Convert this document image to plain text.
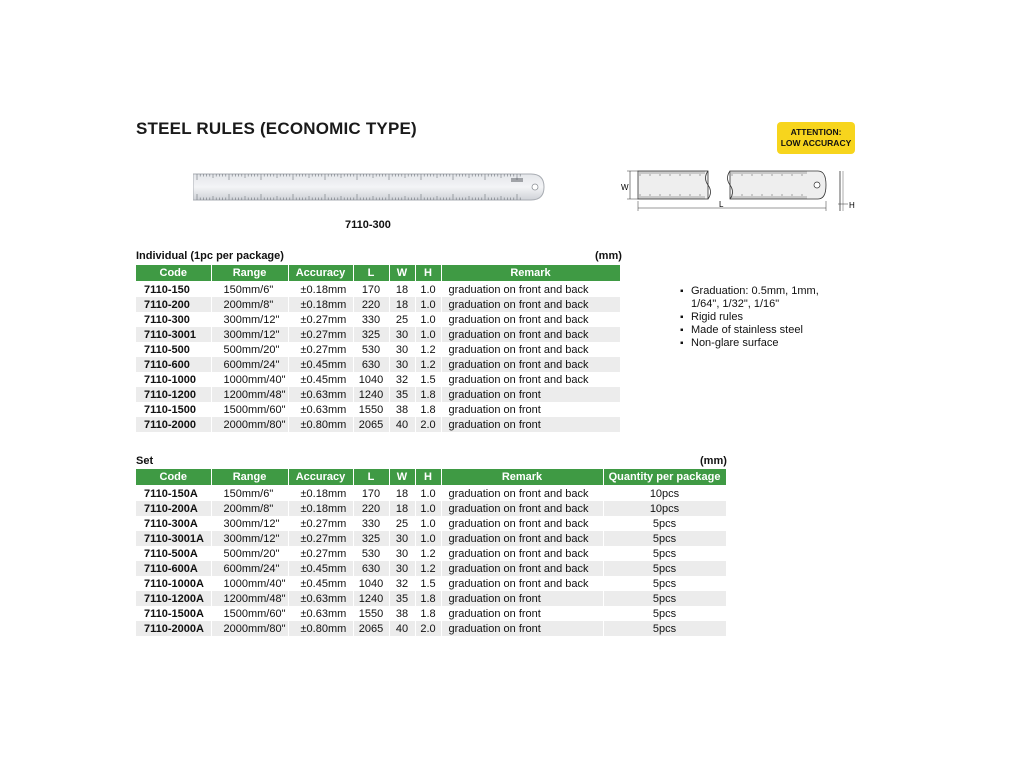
STEEL RULES (ECONOMIC TYPE)	ATTENTION:
LOW ACCURACY
7110-300
W
L	H
Individual (1pc per package)	(mm)
Code	Range	Accuracy	L	W	H	Remark
7110-150	150mm/6"	±0.18mm	170	18	1.0	graduation on front and back
7110-200	200mm/8"	±0.18mm	220	18	1.0	graduation on front and back
7110-300	300mm/12"	±0.27mm	330	25	1.0	graduation on front and back
7110-3001	300mm/12"	±0.27mm	325	30	1.0	graduation on front and back
7110-500	500mm/20"	±0.27mm	530	30	1.2	graduation on front and back
7110-600	600mm/24"	±0.45mm	630	30	1.2	graduation on front and back
7110-1000	1000mm/40"	±0.45mm	1040	32	1.5	graduation on front and back
7110-1200	1200mm/48"	±0.63mm	1240	35	1.8	graduation on front
7110-1500	1500mm/60"	±0.63mm	1550	38	1.8	graduation on front
7110-2000	2000mm/80"	±0.80mm	2065	40	2.0	graduation on front
Set	(mm)
Code	Range	Accuracy	L	W	H	Remark	Quantity per package
7110-150A	150mm/6"	±0.18mm	170	18	1.0	graduation on front and back	10pcs
7110-200A	200mm/8"	±0.18mm	220	18	1.0	graduation on front and back	10pcs
7110-300A	300mm/12"	±0.27mm	330	25	1.0	graduation on front and back	5pcs
7110-3001A	300mm/12"	±0.27mm	325	30	1.0	graduation on front and back	5pcs
7110-500A	500mm/20"	±0.27mm	530	30	1.2	graduation on front and back	5pcs
7110-600A	600mm/24"	±0.45mm	630	30	1.2	graduation on front and back	5pcs
7110-1000A	1000mm/40"	±0.45mm	1040	32	1.5	graduation on front and back	5pcs
7110-1200A	1200mm/48"	±0.63mm	1240	35	1.8	graduation on front	5pcs
7110-1500A	1500mm/60"	±0.63mm	1550	38	1.8	graduation on front	5pcs
7110-2000A	2000mm/80"	±0.80mm	2065	40	2.0	graduation on front	5pcs
▪ Graduation: 0.5mm, 1mm,
1/64", 1/32", 1/16"
▪ Rigid rules
▪ Made of stainless steel
▪ Non-glare surface
